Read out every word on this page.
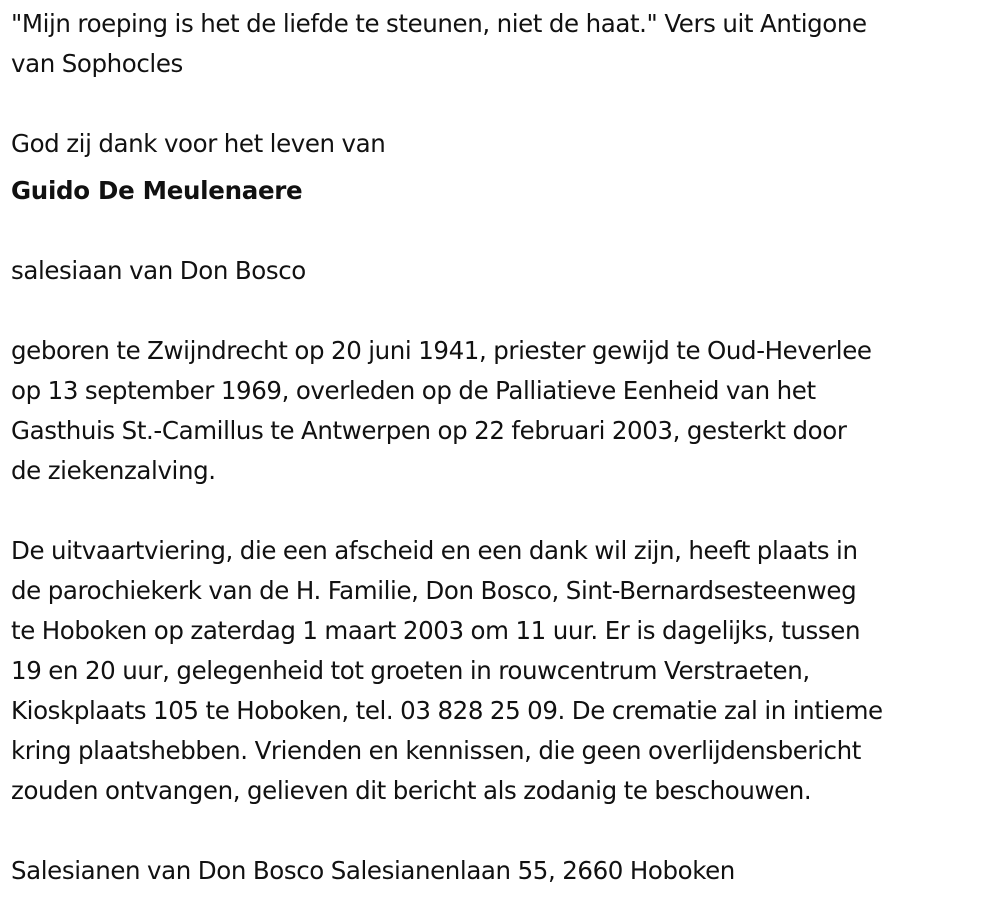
"Mijn roeping is het de liefde te steunen, niet de haat." Vers uit Antigone
van Sophocles

God zij dank voor het leven van

Guido De Meulenaere

salesiaan van Don Bosco

geboren te Zwijndrecht op 20 juni 1941, priester gewijd te Oud-Heverlee
op 13 september 1969, overleden op de Palliatieve Eenheid van het
Gasthuis St.-Camillus te Antwerpen op 22 februari 2003, gesterkt door
de ziekenzalving.

De uitvaartviering, die een afscheid en een dank wil zijn, heeft plaats in
de parochiekerk van de H. Familie, Don Bosco, Sint-Bernardsesteenweg
te Hoboken op zaterdag 1 maart 2003 om 11 uur. Er is dagelijks, tussen
19 en 20 uur, gelegenheid tot groeten in rouwcentrum Verstraeten,
Kioskplaats 105 te Hoboken, tel. 03 828 25 09. De crematie zal in intieme
kring plaatshebben. Vrienden en kennissen, die geen overlijdensbericht
zouden ontvangen, gelieven dit bericht als zodanig te beschouwen.

Salesianen van Don Bosco Salesianenlaan 55, 2660 Hoboken
